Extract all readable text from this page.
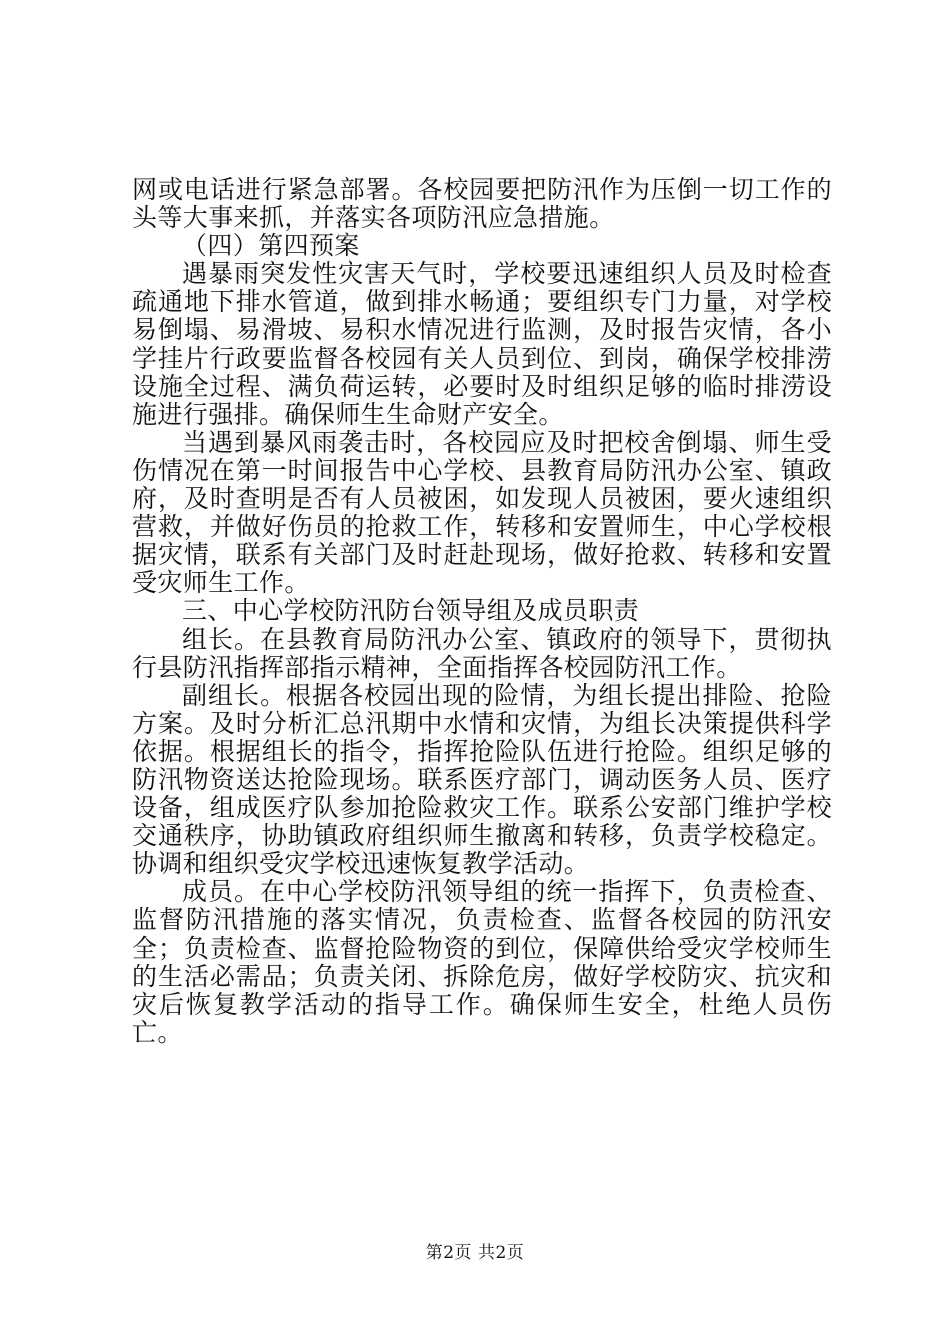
网或电话进行紧急部署。各校园要把防汛作为压倒一切工作的头等大事来抓，并落实各项防汛应急措施。

（四）第四预案

遇暴雨突发性灾害天气时，学校要迅速组织人员及时检查疏通地下排水管道，做到排水畅通；要组织专门力量，对学校易倒塌、易滑坡、易积水情况进行监测，及时报告灾情，各小学挂片行政要监督各校园有关人员到位、到岗，确保学校排涝设施全过程、满负荷运转，必要时及时组织足够的临时排涝设施进行强排。确保师生生命财产安全。

当遇到暴风雨袭击时，各校园应及时把校舍倒塌、师生受伤情况在第一时间报告中心学校、县教育局防汛办公室、镇政府，及时查明是否有人员被困，如发现人员被困，要火速组织营救，并做好伤员的抢救工作，转移和安置师生，中心学校根据灾情，联系有关部门及时赶赴现场，做好抢救、转移和安置受灾师生工作。

三、中心学校防汛防台领导组及成员职责

组长。在县教育局防汛办公室、镇政府的领导下，贯彻执行县防汛指挥部指示精神，全面指挥各校园防汛工作。

副组长。根据各校园出现的险情，为组长提出排险、抢险方案。及时分析汇总汛期中水情和灾情，为组长决策提供科学依据。根据组长的指令，指挥抢险队伍进行抢险。组织足够的防汛物资送达抢险现场。联系医疗部门，调动医务人员、医疗设备，组成医疗队参加抢险救灾工作。联系公安部门维护学校交通秩序，协助镇政府组织师生撤离和转移，负责学校稳定。协调和组织受灾学校迅速恢复教学活动。

成员。在中心学校防汛领导组的统一指挥下，负责检查、监督防汛措施的落实情况，负责检查、监督各校园的防汛安全；负责检查、监督抢险物资的到位，保障供给受灾学校师生的生活必需品；负责关闭、拆除危房，做好学校防灾、抗灾和灾后恢复教学活动的指导工作。确保师生安全，杜绝人员伤亡。

第2页 共2页
